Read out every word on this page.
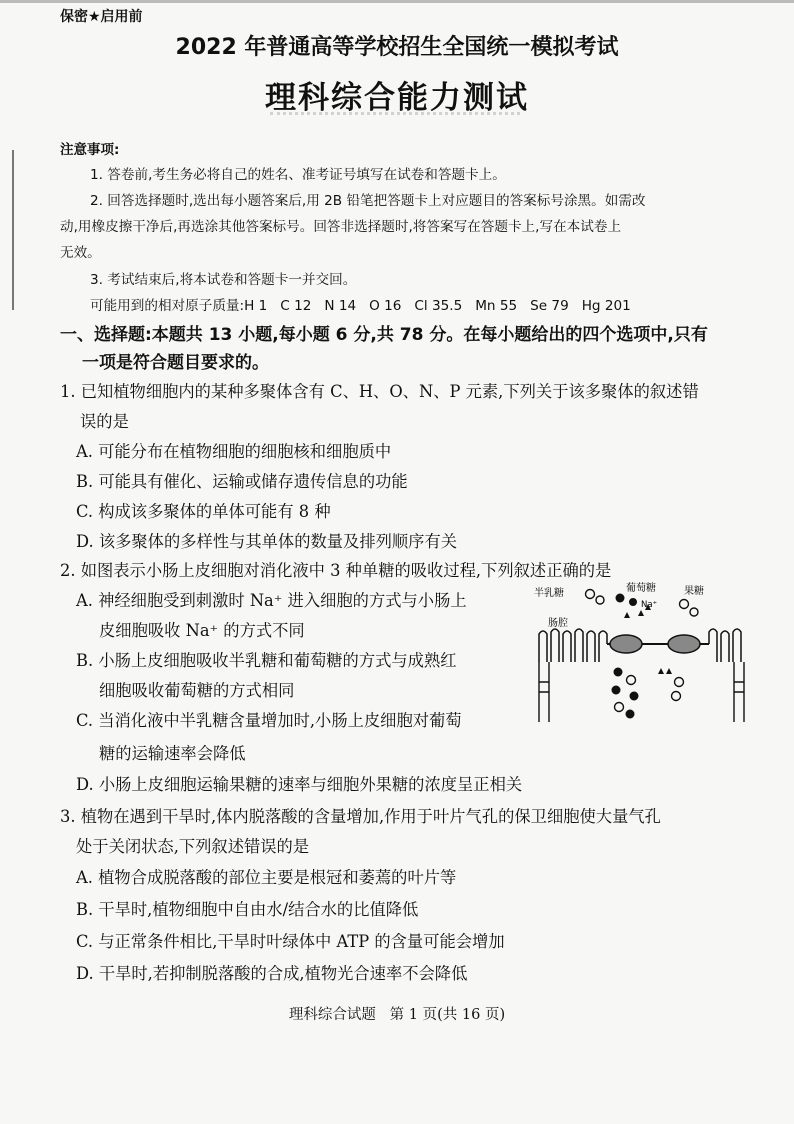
保密★启用前
2022 年普通高等学校招生全国统一模拟考试
理科综合能力测试
注意事项:
1. 答卷前,考生务必将自己的姓名、准考证号填写在试卷和答题卡上。
2. 回答选择题时,选出每小题答案后,用 2B 铅笔把答题卡上对应题目的答案标号涂黑。如需改
动,用橡皮擦干净后,再选涂其他答案标号。回答非选择题时,将答案写在答题卡上,写在本试卷上
无效。
3. 考试结束后,将本试卷和答题卡一并交回。
可能用到的相对原子质量:H 1   C 12   N 14   O 16   Cl 35.5   Mn 55   Se 79   Hg 201
一、选择题:本题共 13 小题,每小题 6 分,共 78 分。在每小题给出的四个选项中,只有
一项是符合题目要求的。
1. 已知植物细胞内的某种多聚体含有 C、H、O、N、P 元素,下列关于该多聚体的叙述错
误的是
A. 可能分布在植物细胞的细胞核和细胞质中
B. 可能具有催化、运输或储存遗传信息的功能
C. 构成该多聚体的单体可能有 8 种
D. 该多聚体的多样性与其单体的数量及排列顺序有关
2. 如图表示小肠上皮细胞对消化液中 3 种单糖的吸收过程,下列叙述正确的是
A. 神经细胞受到刺激时 Na⁺ 进入细胞的方式与小肠上
皮细胞吸收 Na⁺ 的方式不同
B. 小肠上皮细胞吸收半乳糖和葡萄糖的方式与成熟红
细胞吸收葡萄糖的方式相同
C. 当消化液中半乳糖含量增加时,小肠上皮细胞对葡萄
糖的运输速率会降低
D. 小肠上皮细胞运输果糖的速率与细胞外果糖的浓度呈正相关
半乳糖	葡萄糖	果糖
肠腔
Na⁺
3. 植物在遇到干旱时,体内脱落酸的含量增加,作用于叶片气孔的保卫细胞使大量气孔
处于关闭状态,下列叙述错误的是
A. 植物合成脱落酸的部位主要是根冠和萎蔫的叶片等
B. 干旱时,植物细胞中自由水/结合水的比值降低
C. 与正常条件相比,干旱时叶绿体中 ATP 的含量可能会增加
D. 干旱时,若抑制脱落酸的合成,植物光合速率不会降低
理科综合试题   第 1 页(共 16 页)
